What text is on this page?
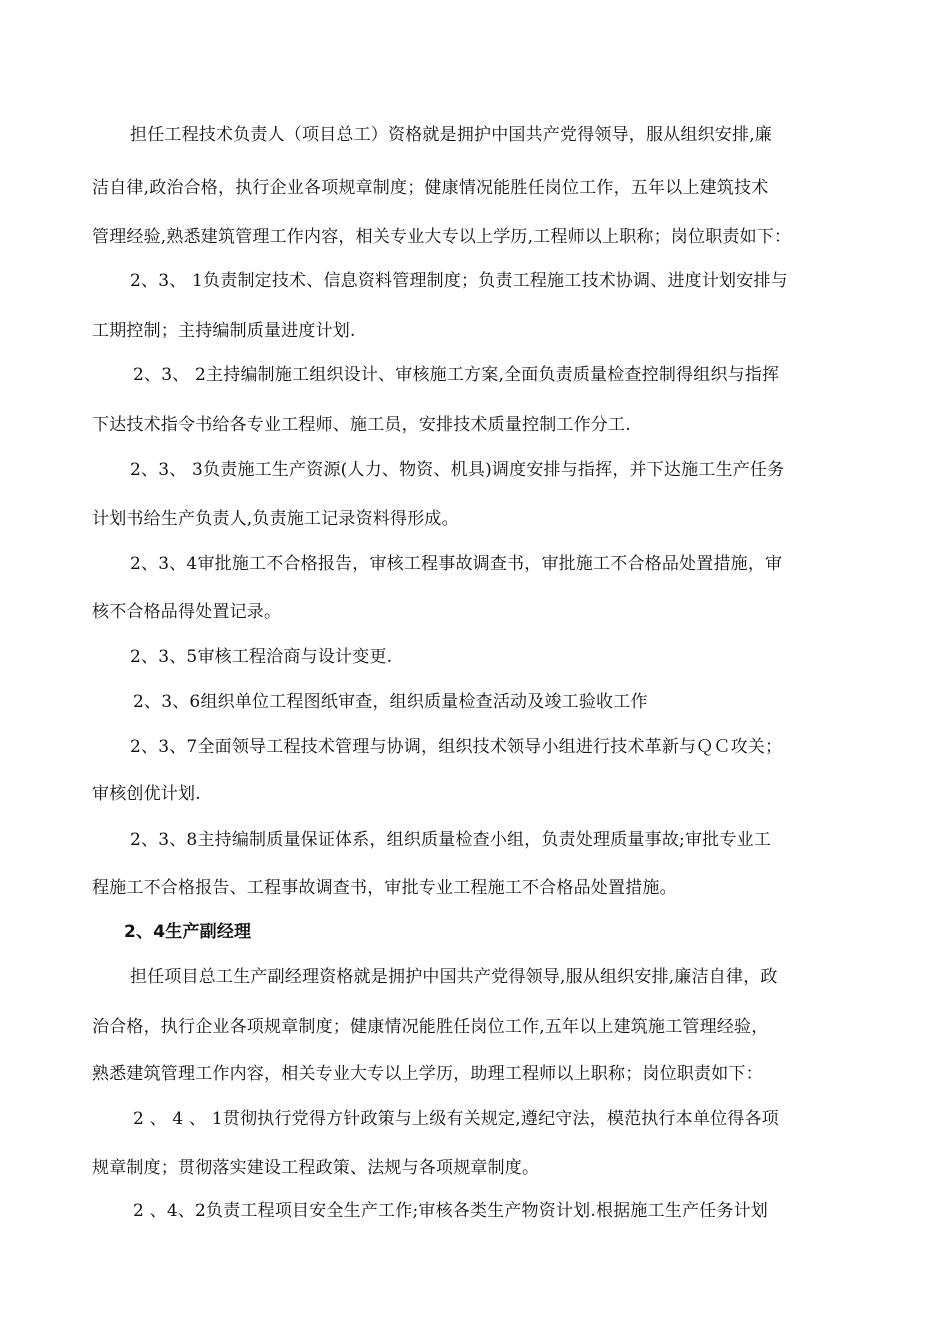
担任工程技术负责人（项目总工）资格就是拥护中国共产党得领导，服从组织安排,廉
洁自律,政治合格，执行企业各项规章制度；健康情况能胜任岗位工作，五年以上建筑技术
管理经验,熟悉建筑管理工作内容，相关专业大专以上学历,工程师以上职称；岗位职责如下：
2、3、 1负责制定技术、信息资料管理制度；负责工程施工技术协调、进度计划安排与
工期控制；主持编制质量进度计划.
2、3、 2主持编制施工组织设计、审核施工方案,全面负责质量检查控制得组织与指挥
下达技术指令书给各专业工程师、施工员，安排技术质量控制工作分工.
2、3、 3负责施工生产资源(人力、物资、机具)调度安排与指挥，并下达施工生产任务
计划书给生产负责人,负责施工记录资料得形成。
2、3、4审批施工不合格报告，审核工程事故调查书，审批施工不合格品处置措施，审
核不合格品得处置记录。
2、3、5审核工程洽商与设计变更.
2、3、6组织单位工程图纸审查，组织质量检查活动及竣工验收工作
2、3、7全面领导工程技术管理与协调，组织技术领导小组进行技术革新与ＱＣ攻关；
审核创优计划.
2、3、8主持编制质量保证体系，组织质量检查小组，负责处理质量事故;审批专业工
程施工不合格报告、工程事故调查书，审批专业工程施工不合格品处置措施。
2、4生产副经理
担任项目总工生产副经理资格就是拥护中国共产党得领导,服从组织安排,廉洁自律，政
治合格，执行企业各项规章制度；健康情况能胜任岗位工作,五年以上建筑施工管理经验，
熟悉建筑管理工作内容，相关专业大专以上学历，助理工程师以上职称；岗位职责如下：
2 、 4 、 1贯彻执行党得方针政策与上级有关规定,遵纪守法，模范执行本单位得各项
规章制度；贯彻落实建设工程政策、法规与各项规章制度。
2 、4、2负责工程项目安全生产工作;审核各类生产物资计划.根据施工生产任务计划
